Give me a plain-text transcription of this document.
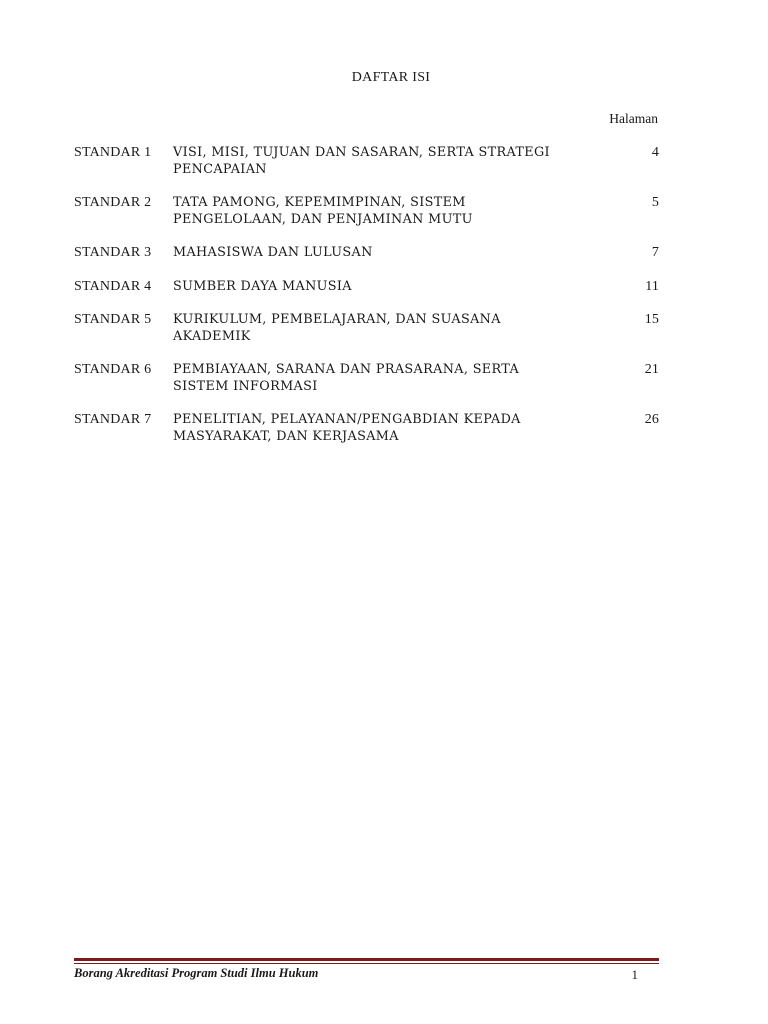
DAFTAR ISI
Halaman
STANDAR 1	VISI, MISI, TUJUAN DAN SASARAN, SERTA STRATEGI
PENCAPAIAN
4
STANDAR 2	TATA PAMONG, KEPEMIMPINAN, SISTEM
PENGELOLAAN, DAN PENJAMINAN MUTU
5
STANDAR 3	MAHASISWA DAN LULUSAN	7
STANDAR 4	SUMBER DAYA MANUSIA	11
STANDAR 5	KURIKULUM, PEMBELAJARAN, DAN SUASANA
AKADEMIK
15
STANDAR 6	PEMBIAYAAN, SARANA DAN PRASARANA, SERTA
SISTEM INFORMASI
21
STANDAR 7	PENELITIAN, PELAYANAN/PENGABDIAN KEPADA
MASYARAKAT, DAN KERJASAMA
26
Borang Akreditasi Program Studi Ilmu Hukum	1
